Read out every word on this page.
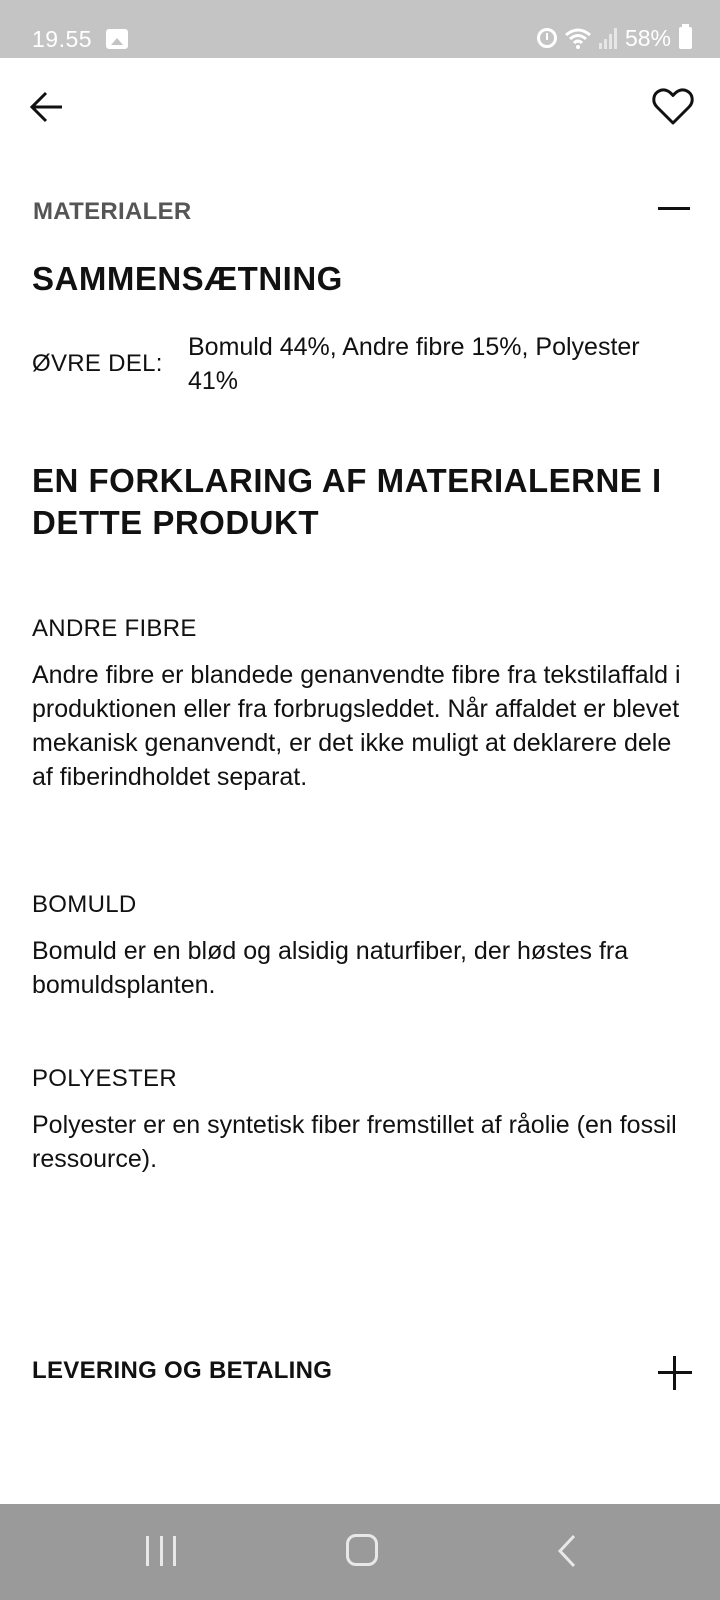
19.55	58%
MATERIALER
SAMMENSÆTNING
ØVRE DEL:
Bomuld 44%, Andre fibre 15%, Polyester 41%
EN FORKLARING AF MATERIALERNE I DETTE PRODUKT
ANDRE FIBRE
Andre fibre er blandede genanvendte fibre fra tekstilaffald i produktionen eller fra forbrugsleddet. Når affaldet er blevet mekanisk genanvendt, er det ikke muligt at deklarere dele af fiberindholdet separat.
BOMULD
Bomuld er en blød og alsidig naturfiber, der høstes fra bomuldsplanten.
POLYESTER
Polyester er en syntetisk fiber fremstillet af råolie (en fossil ressource).
LEVERING OG BETALING
